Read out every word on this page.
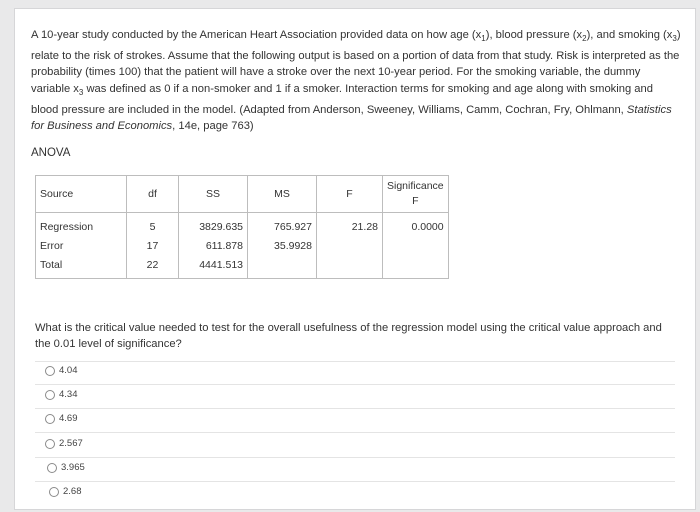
A 10-year study conducted by the American Heart Association provided data on how age $(x_1)$, blood pressure $(x_2)$, and smoking $(x_3)$ relate to the risk of strokes. Assume that the following output is based on a portion of data from that study. Risk is interpreted as the probability (times 100) that the patient will have a stroke over the next 10-year period. For the smoking variable, the dummy variable $x_3$ was defined as 0 if a non-smoker and 1 if a smoker. Interaction terms for smoking and age along with smoking and blood pressure are included in the model. (Adapted from Anderson, Sweeney, Williams, Camm, Cochran, Fry, Ohlmann, Statistics for Business and Economics, 14e, page 763)

ANOVA
Source	df	SS	MS	F	Significance
F

Regression	5	3829.635	765.927	21.28	0.0000
Error	17	611.878	35.9928		
Total	22	4441.513			

What is the critical value needed to test for the overall usefulness of the regression model using the critical value approach and the 0.01 level of significance?

4.04
4.34
4.69
2.567
3.965
2.68
